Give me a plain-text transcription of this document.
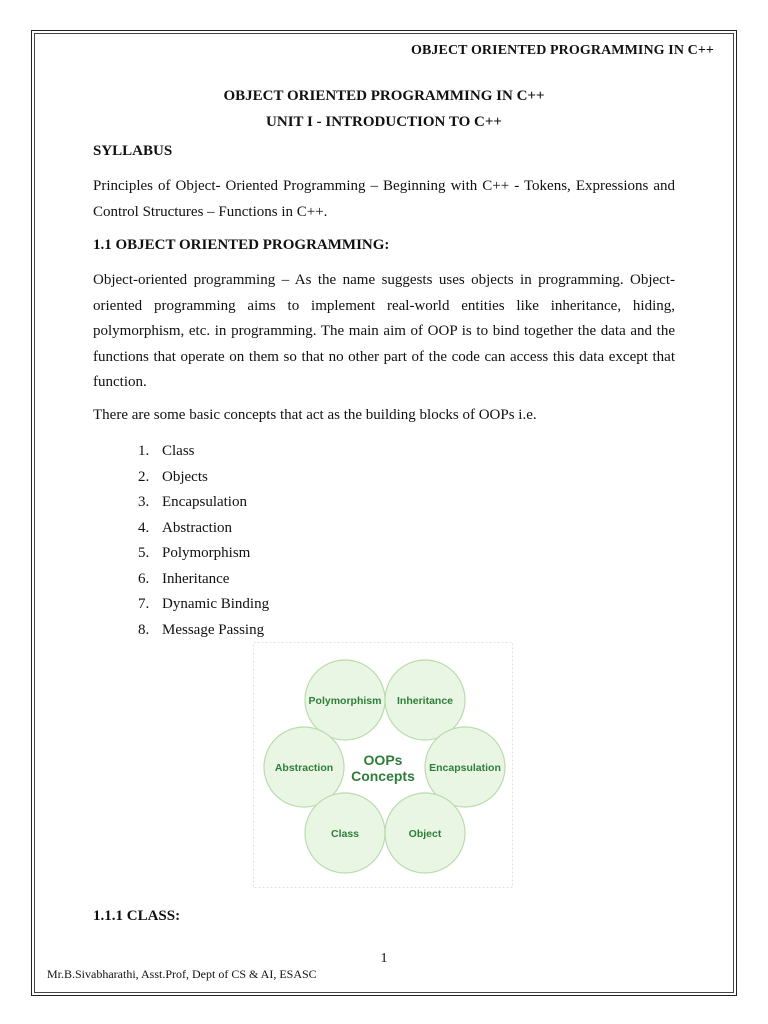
OBJECT ORIENTED PROGRAMMING IN C++
OBJECT ORIENTED PROGRAMMING IN C++
UNIT I - INTRODUCTION TO C++
SYLLABUS
Principles of Object- Oriented Programming – Beginning with C++ - Tokens, Expressions and Control Structures – Functions in C++.
1.1 OBJECT ORIENTED PROGRAMMING:
Object-oriented programming – As the name suggests uses objects in programming. Object-oriented programming aims to implement real-world entities like inheritance, hiding, polymorphism, etc. in programming. The main aim of OOP is to bind together the data and the functions that operate on them so that no other part of the code can access this data except that function.
There are some basic concepts that act as the building blocks of OOPs i.e.
1. Class
2. Objects
3. Encapsulation
4. Abstraction
5. Polymorphism
6. Inheritance
7. Dynamic Binding
8. Message Passing
Polymorphism Inheritance
Abstraction	Encapsulation
Class	Object
OOPs
Concepts
1.1.1 CLASS:
1
Mr.B.Sivabharathi, Asst.Prof, Dept of CS & AI, ESASC
